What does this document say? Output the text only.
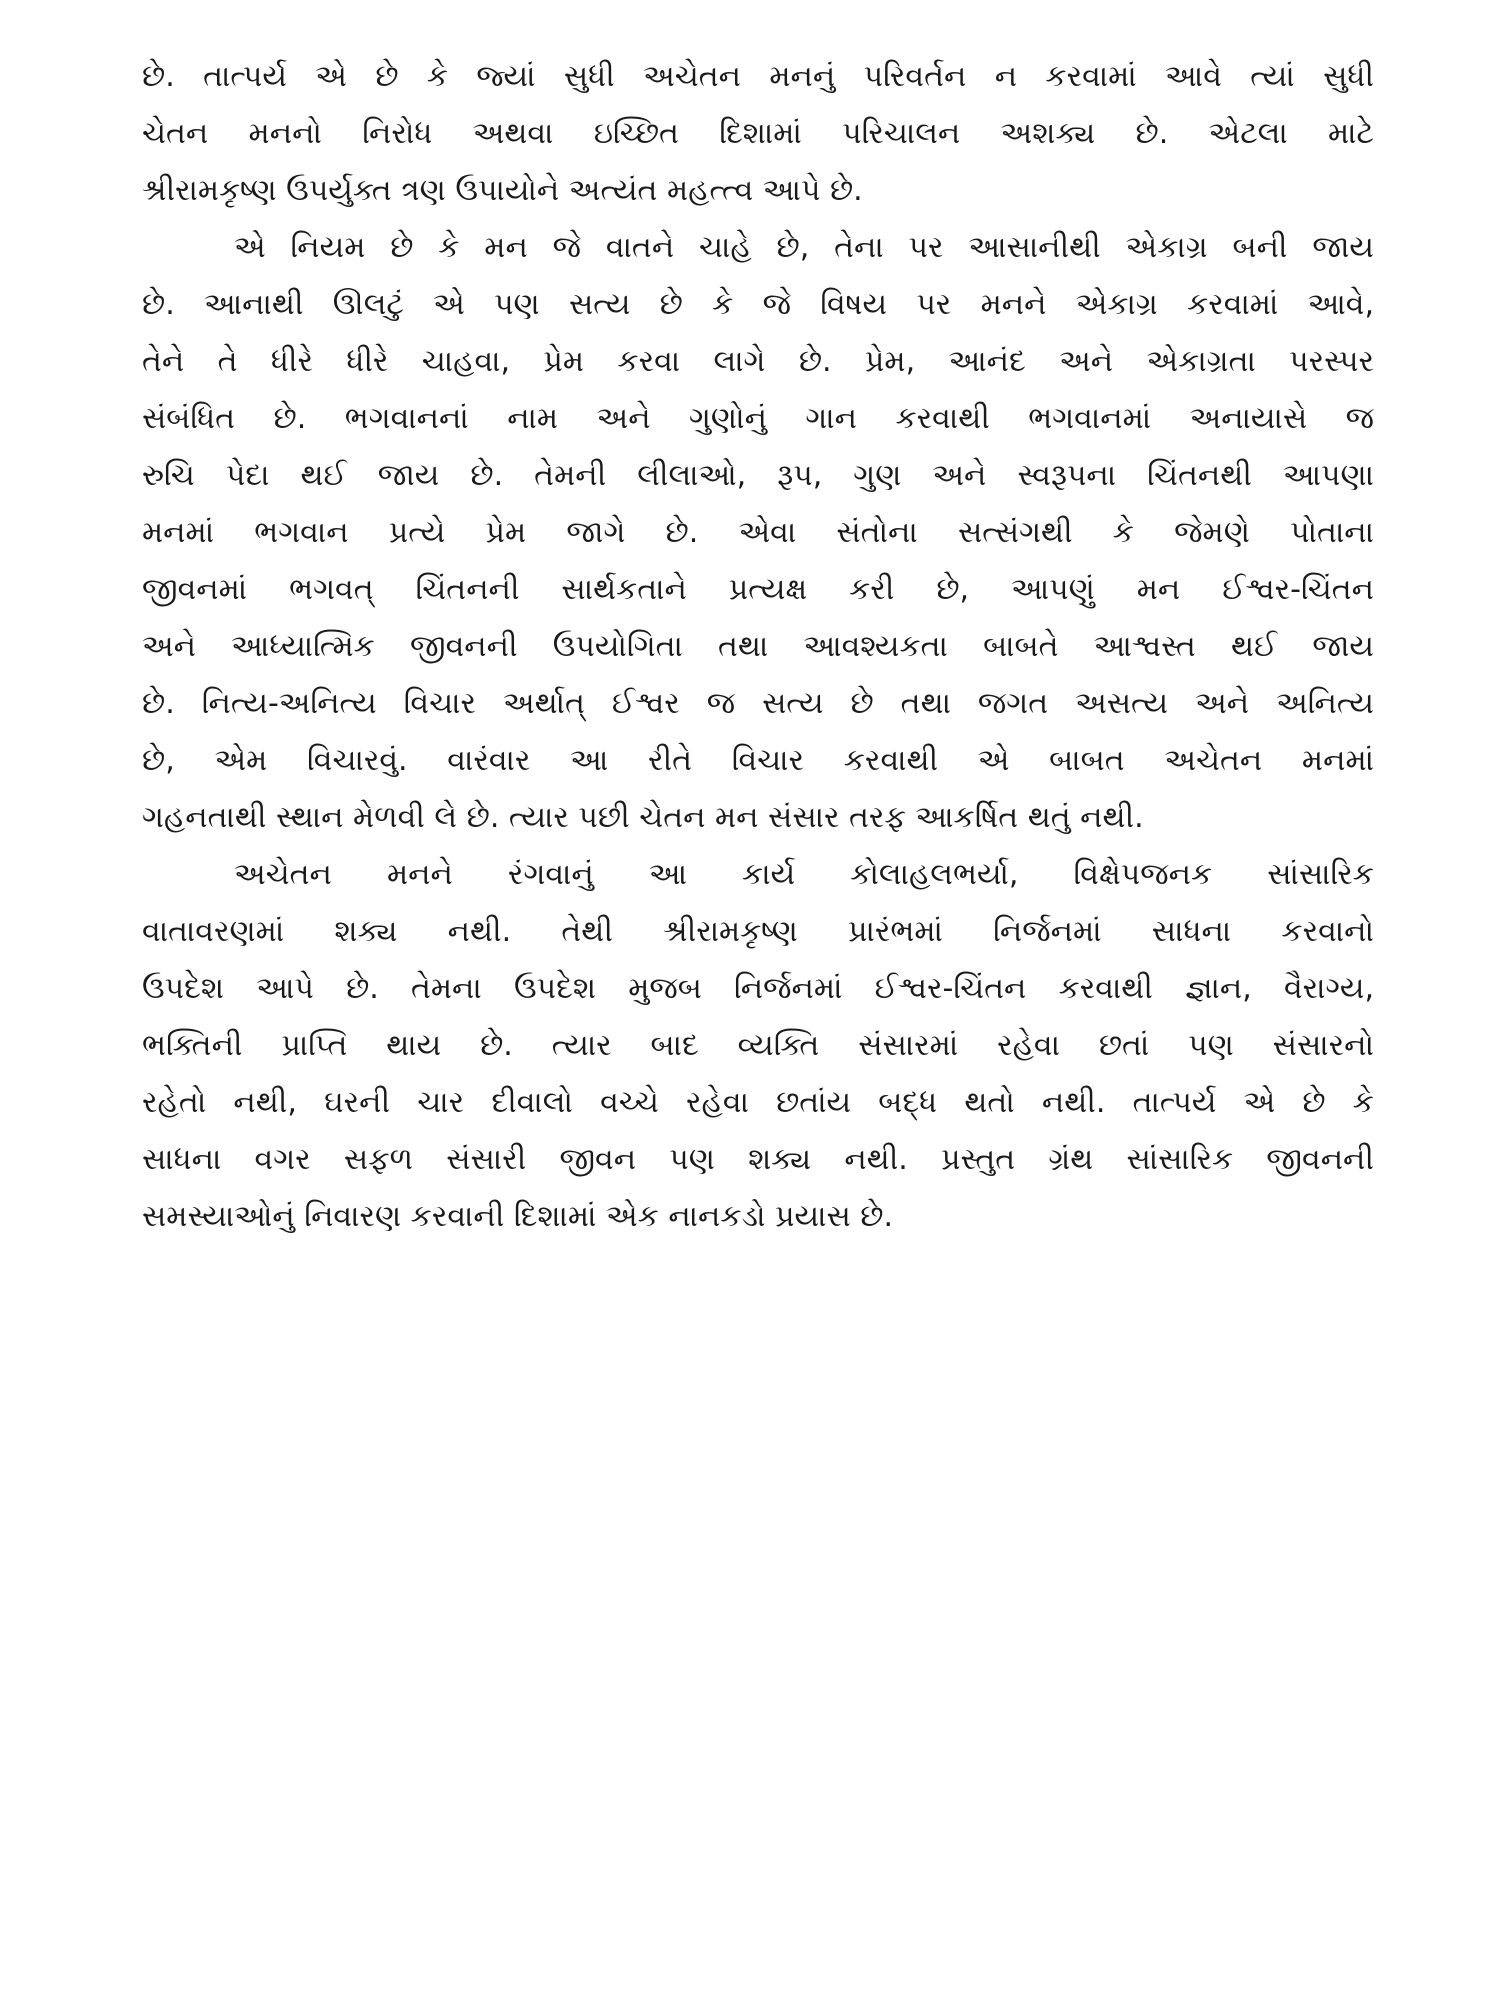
છે. તાત્પર્ય એ છે કે જ્યાં સુધી અચેતન મનનું પરિવર્તન ન કરવામાં આવે ત્યાં સુધી
ચેતન મનનો નિરોધ અથવા ઇચ્છિત દિશામાં પરિચાલન અશક્ય છે. એટલા માટે
શ્રીરામકૃષ્ણ ઉપર્યુક્ત ત્રણ ઉપાયોને અત્યંત મહત્ત્વ આપે છે.
એ નિયમ છે કે મન જે વાતને ચાહે છે, તેના પર આસાનીથી એકાગ્ર બની જાય
છે. આનાથી ઊલટું એ પણ સત્ય છે કે જે વિષય પર મનને એકાગ્ર કરવામાં આવે,
તેને તે ધીરે ધીરે ચાહવા, પ્રેમ કરવા લાગે છે. પ્રેમ, આનંદ અને એકાગ્રતા પરસ્પર
સંબંધિત છે. ભગવાનનાં નામ અને ગુણોનું ગાન કરવાથી ભગવાનમાં અનાયાસે જ
રુચિ પેદા થઈ જાય છે. તેમની લીલાઓ, રૂપ, ગુણ અને સ્વરૂપના ચિંતનથી આપણા
મનમાં ભગવાન પ્રત્યે પ્રેમ જાગે છે. એવા સંતોના સત્સંગથી કે જેમણે પોતાના
જીવનમાં ભગવત્ ચિંતનની સાર્થકતાને પ્રત્યક્ષ કરી છે, આપણું મન ઈશ્વર-ચિંતન
અને આધ્યાત્મિક જીવનની ઉપયોગિતા તથા આવશ્યકતા બાબતે આશ્વસ્ત થઈ જાય
છે. નિત્ય-અનિત્ય વિચાર અર્થાત્ ઈશ્વર જ સત્ય છે તથા જગત અસત્ય અને અનિત્ય
છે, એમ વિચારવું. વારંવાર આ રીતે વિચાર કરવાથી એ બાબત અચેતન મનમાં
ગહનતાથી સ્થાન મેળવી લે છે. ત્યાર પછી ચેતન મન સંસાર તરફ આકર્ષિત થતું નથી.
અચેતન મનને રંગવાનું આ કાર્ય કોલાહલભર્યા, વિક્ષેપજનક સાંસારિક
વાતાવરણમાં શક્ય નથી. તેથી શ્રીરામકૃષ્ણ પ્રારંભમાં નિર્જનમાં સાધના કરવાનો
ઉપદેશ આપે છે. તેમના ઉપદેશ મુજબ નિર્જનમાં ઈશ્વર-ચિંતન કરવાથી જ્ઞાન, વૈરાગ્ય,
ભક્તિની પ્રાપ્તિ થાય છે. ત્યાર બાદ વ્યક્તિ સંસારમાં રહેવા છતાં પણ સંસારનો
રહેતો નથી, ઘરની ચાર દીવાલો વચ્ચે રહેવા છતાંય બદ્ધ થતો નથી. તાત્પર્ય એ છે કે
સાધના વગર સફળ સંસારી જીવન પણ શક્ય નથી. પ્રસ્તુત ગ્રંથ સાંસારિક જીવનની
સમસ્યાઓનું નિવારણ કરવાની દિશામાં એક નાનકડો પ્રયાસ છે.
